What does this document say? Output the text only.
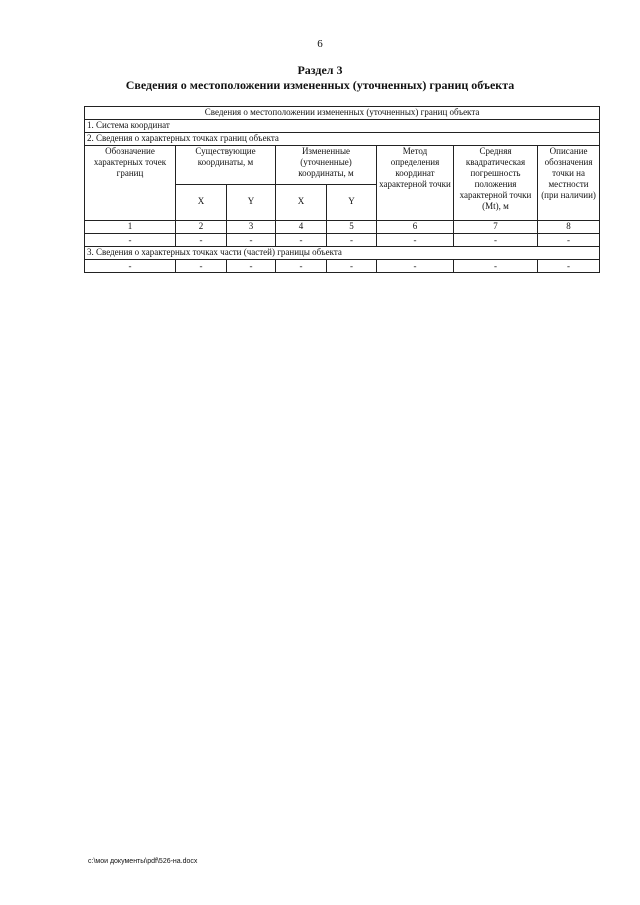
6
Раздел 3
Сведения о местоположении измененных (уточненных) границ объекта
Сведения о местоположении измененных (уточненных) границ объекта							
1. Система координат							
2. Сведения о характерных точках границ объекта							
Обозначение характерных точек границ	Существующие координаты, м		Измененные (уточненные) координаты, м		Метод определения координат характерной точки	Средняя квадратическая погрешность положения характерной точки (Mt), м	Описание обозначения точки на местности (при наличии)
	X	Y	X	Y			
1	2	3	4	5	6	7	8
-	-	-	-	-	-	-	-
3. Сведения о характерных точках части (частей) границы объекта							
-	-	-	-	-	-	-	-
c:\мои документы\pdf\526-на.docx
